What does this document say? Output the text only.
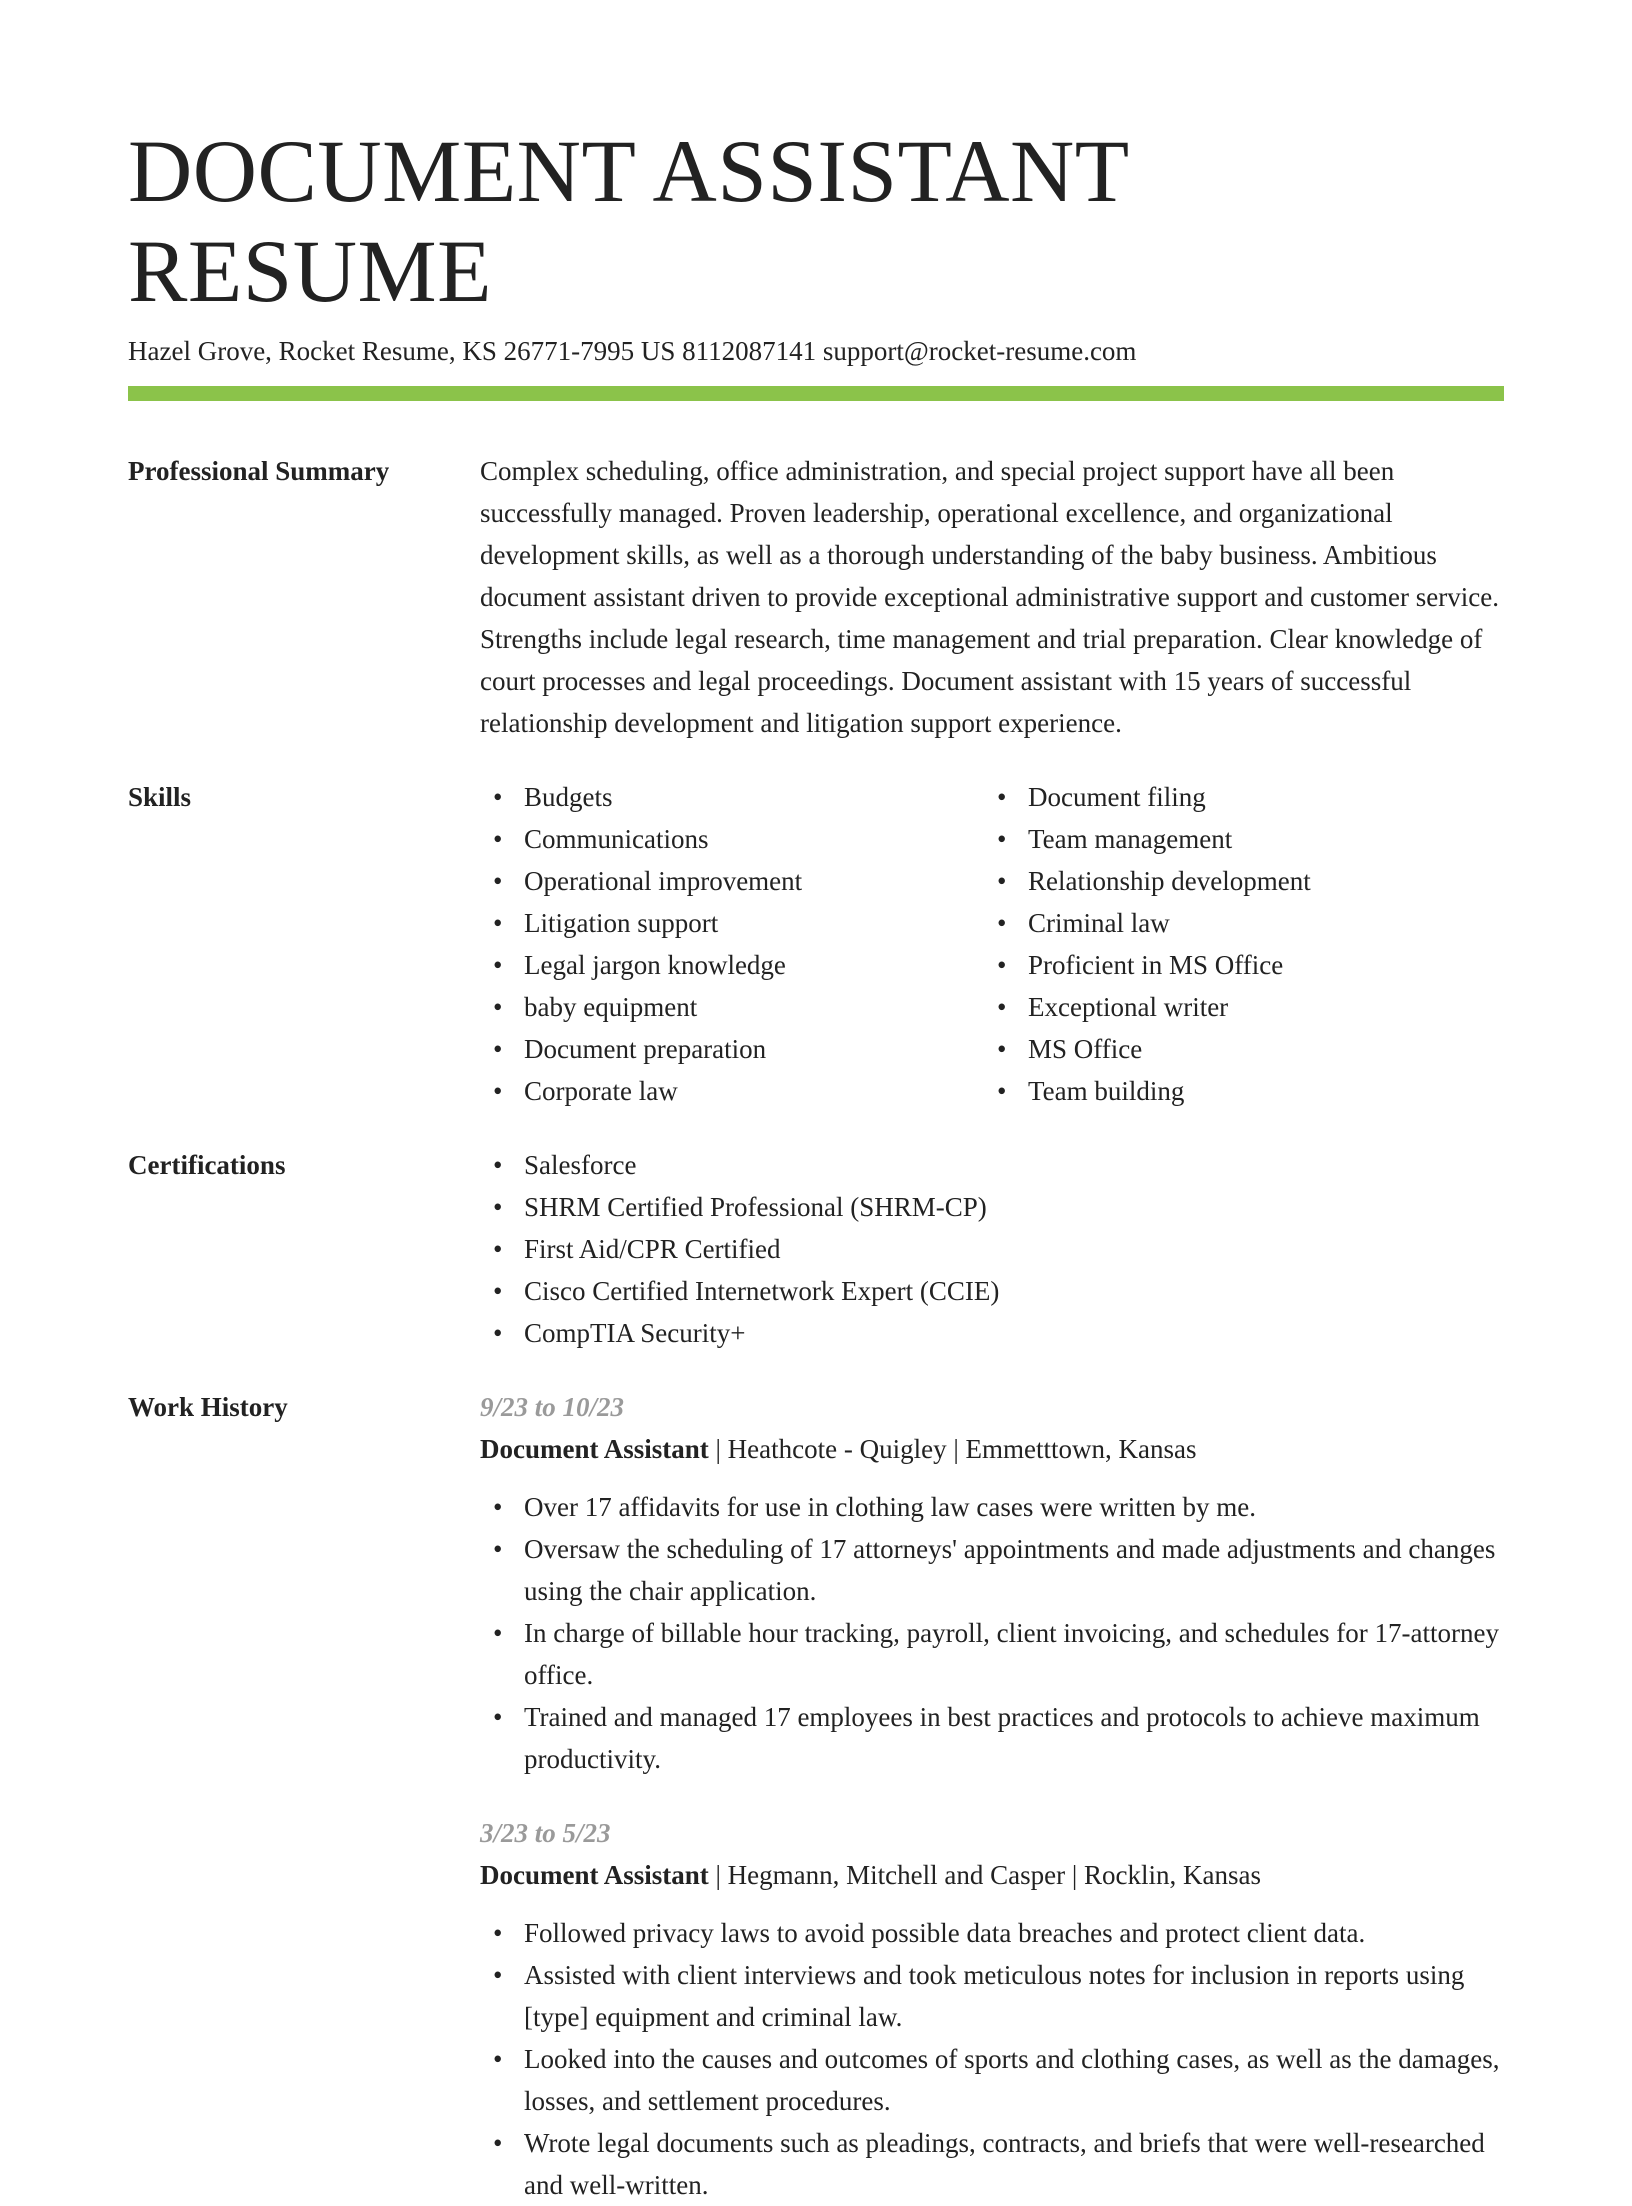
DOCUMENT ASSISTANT RESUME
Hazel Grove, Rocket Resume, KS 26771-7995 US 8112087141 support@rocket-resume.com
Professional Summary	Complex scheduling, office administration, and special project support have all been successfully managed. Proven leadership, operational excellence, and organizational development skills, as well as a thorough understanding of the baby business. Ambitious document assistant driven to provide exceptional administrative support and customer service. Strengths include legal research, time management and trial preparation. Clear knowledge of court processes and legal proceedings. Document assistant with 15 years of successful relationship development and litigation support experience.
Skills	• Budgets
• Communications
• Operational improvement
• Litigation support
• Legal jargon knowledge
• baby equipment
• Document preparation
• Corporate law
• Document filing
• Team management
• Relationship development
• Criminal law
• Proficient in MS Office
• Exceptional writer
• MS Office
• Team building
Certifications	• Salesforce
• SHRM Certified Professional (SHRM-CP)
• First Aid/CPR Certified
• Cisco Certified Internetwork Expert (CCIE)
• CompTIA Security+
Work History	9/23 to 10/23
Document Assistant | Heathcote - Quigley | Emmetttown, Kansas
• Over 17 affidavits for use in clothing law cases were written by me.
• Oversaw the scheduling of 17 attorneys' appointments and made adjustments and changes using the chair application.
• In charge of billable hour tracking, payroll, client invoicing, and schedules for 17-attorney office.
• Trained and managed 17 employees in best practices and protocols to achieve maximum productivity.
3/23 to 5/23
Document Assistant | Hegmann, Mitchell and Casper | Rocklin, Kansas
• Followed privacy laws to avoid possible data breaches and protect client data.
• Assisted with client interviews and took meticulous notes for inclusion in reports using [type] equipment and criminal law.
• Looked into the causes and outcomes of sports and clothing cases, as well as the damages, losses, and settlement procedures.
• Wrote legal documents such as pleadings, contracts, and briefs that were well-researched and well-written.
